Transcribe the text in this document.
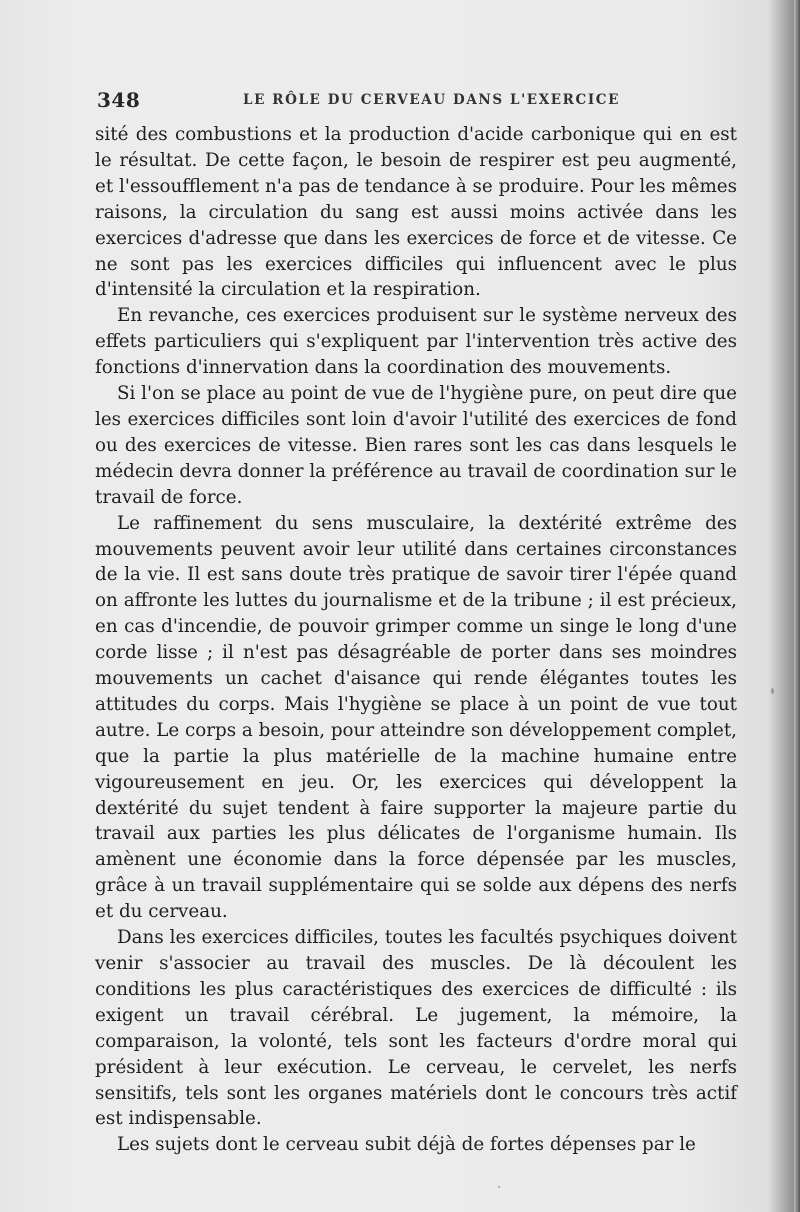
348	LE RÔLE DU CERVEAU DANS L'EXERCICE

sité des combustions et la production d'acide carbonique qui en est le résultat. De cette façon, le besoin de respirer est peu augmenté, et l'essoufflement n'a pas de tendance à se produire. Pour les mêmes raisons, la circulation du sang est aussi moins activée dans les exercices d'adresse que dans les exercices de force et de vitesse. Ce ne sont pas les exercices difficiles qui influencent avec le plus d'intensité la circulation et la respiration.

En revanche, ces exercices produisent sur le système nerveux des effets particuliers qui s'expliquent par l'intervention très active des fonctions d'innervation dans la coordination des mouvements.

Si l'on se place au point de vue de l'hygiène pure, on peut dire que les exercices difficiles sont loin d'avoir l'utilité des exercices de fond ou des exercices de vitesse. Bien rares sont les cas dans lesquels le médecin devra donner la préférence au travail de coordination sur le travail de force.

Le raffinement du sens musculaire, la dextérité extrême des mouvements peuvent avoir leur utilité dans certaines circonstances de la vie. Il est sans doute très pratique de savoir tirer l'épée quand on affronte les luttes du journalisme et de la tribune ; il est précieux, en cas d'incendie, de pouvoir grimper comme un singe le long d'une corde lisse ; il n'est pas désagréable de porter dans ses moindres mouvements un cachet d'aisance qui rende élégantes toutes les attitudes du corps. Mais l'hygiène se place à un point de vue tout autre. Le corps a besoin, pour atteindre son développement complet, que la partie la plus matérielle de la machine humaine entre vigoureusement en jeu. Or, les exercices qui développent la dextérité du sujet tendent à faire supporter la majeure partie du travail aux parties les plus délicates de l'organisme humain. Ils amènent une économie dans la force dépensée par les muscles, grâce à un travail supplémentaire qui se solde aux dépens des nerfs et du cerveau.

Dans les exercices difficiles, toutes les facultés psychiques doivent venir s'associer au travail des muscles. De là découlent les conditions les plus caractéristiques des exercices de difficulté : ils exigent un travail cérébral. Le jugement, la mémoire, la comparaison, la volonté, tels sont les facteurs d'ordre moral qui président à leur exécution. Le cerveau, le cervelet, les nerfs sensitifs, tels sont les organes matériels dont le concours très actif est indispensable.

Les sujets dont le cerveau subit déjà de fortes dépenses par le
